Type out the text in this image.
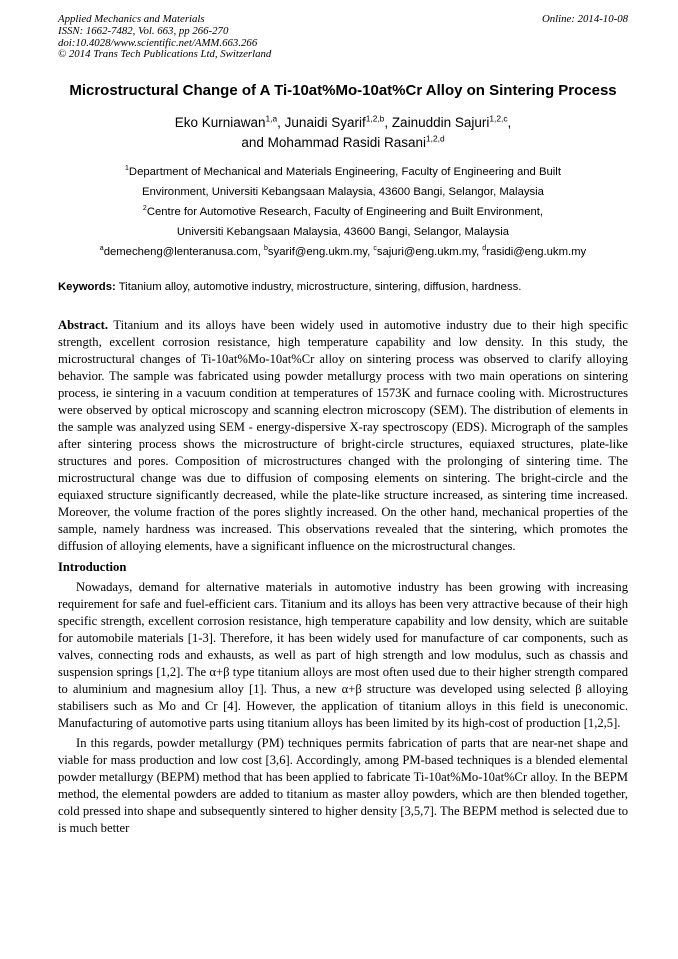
Applied Mechanics and Materials
ISSN: 1662-7482, Vol. 663, pp 266-270
doi:10.4028/www.scientific.net/AMM.663.266
© 2014 Trans Tech Publications Ltd, Switzerland
Online: 2014-10-08
Microstructural Change of A Ti-10at%Mo-10at%Cr Alloy on Sintering Process
Eko Kurniawan$^{1,a}$, Junaidi Syarif$^{1,2,b}$, Zainuddin Sajuri$^{1,2,c}$,
and Mohammad Rasidi Rasani$^{1,2,d}$
$^1$Department of Mechanical and Materials Engineering, Faculty of Engineering and Built
Environment, Universiti Kebangsaan Malaysia, 43600 Bangi, Selangor, Malaysia
$^2$Centre for Automotive Research, Faculty of Engineering and Built Environment,
Universiti Kebangsaan Malaysia, 43600 Bangi, Selangor, Malaysia
$^a$demecheng@lenteranusa.com, $^b$syarif@eng.ukm.my, $^c$sajuri@eng.ukm.my, $^d$rasidi@eng.ukm.my

Keywords: Titanium alloy, automotive industry, microstructure, sintering, diffusion, hardness.

Abstract. Titanium and its alloys have been widely used in automotive industry due to their high specific strength, excellent corrosion resistance, high temperature capability and low density. In this study, the microstructural changes of Ti-10at%Mo-10at%Cr alloy on sintering process was observed to clarify alloying behavior. The sample was fabricated using powder metallurgy process with two main operations on sintering process, ie sintering in a vacuum condition at temperatures of 1573K and furnace cooling with. Microstructures were observed by optical microscopy and scanning electron microscopy (SEM). The distribution of elements in the sample was analyzed using SEM - energy-dispersive X-ray spectroscopy (EDS). Micrograph of the samples after sintering process shows the microstructure of bright-circle structures, equiaxed structures, plate-like structures and pores. Composition of microstructures changed with the prolonging of sintering time. The microstructural change was due to diffusion of composing elements on sintering. The bright-circle and the equiaxed structure significantly decreased, while the plate-like structure increased, as sintering time increased. Moreover, the volume fraction of the pores slightly increased. On the other hand, mechanical properties of the sample, namely hardness was increased. This observations revealed that the sintering, which promotes the diffusion of alloying elements, have a significant influence on the microstructural changes.

Introduction

Nowadays, demand for alternative materials in automotive industry has been growing with increasing requirement for safe and fuel-efficient cars. Titanium and its alloys has been very attractive because of their high specific strength, excellent corrosion resistance, high temperature capability and low density, which are suitable for automobile materials [1-3]. Therefore, it has been widely used for manufacture of car components, such as valves, connecting rods and exhausts, as well as part of high strength and low modulus, such as chassis and suspension springs [1,2]. The α+β type titanium alloys are most often used due to their higher strength compared to aluminium and magnesium alloy [1]. Thus, a new α+β structure was developed using selected β alloying stabilisers such as Mo and Cr [4]. However, the application of titanium alloys in this field is uneconomic. Manufacturing of automotive parts using titanium alloys has been limited by its high-cost of production [1,2,5].

In this regards, powder metallurgy (PM) techniques permits fabrication of parts that are near-net shape and viable for mass production and low cost [3,6]. Accordingly, among PM-based techniques is a blended elemental powder metallurgy (BEPM) method that has been applied to fabricate Ti-10at%Mo-10at%Cr alloy. In the BEPM method, the elemental powders are added to titanium as master alloy powders, which are then blended together, cold pressed into shape and subsequently sintered to higher density [3,5,7]. The BEPM method is selected due to is much better
